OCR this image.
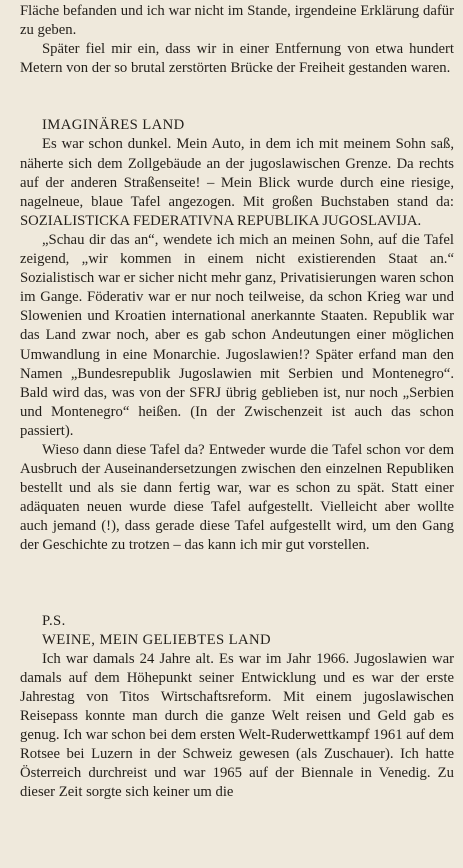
Fläche befanden und ich war nicht im Stande, irgendeine Erklärung dafür zu geben.

Später fiel mir ein, dass wir in einer Entfernung von etwa hundert Metern von der so brutal zerstörten Brücke der Freiheit gestanden waren.

IMAGINÄRES LAND

Es war schon dunkel. Mein Auto, in dem ich mit meinem Sohn saß, näherte sich dem Zollgebäude an der jugoslawischen Grenze. Da rechts auf der anderen Straßenseite! – Mein Blick wurde durch eine riesige, nagelneue, blaue Tafel angezogen. Mit großen Buchstaben stand da: SOZIALISTICKA FEDERATIVNA REPUBLIKA JUGOSLAVIJA.

„Schau dir das an“, wendete ich mich an meinen Sohn, auf die Tafel zeigend, „wir kommen in einem nicht existierenden Staat an.“ Sozialistisch war er sicher nicht mehr ganz, Privatisierungen waren schon im Gange. Föderativ war er nur noch teilweise, da schon Krieg war und Slowenien und Kroatien international anerkannte Staaten. Republik war das Land zwar noch, aber es gab schon Andeutungen einer möglichen Umwandlung in eine Monarchie. Jugoslawien!? Später erfand man den Namen „Bundesrepublik Jugoslawien mit Serbien und Montenegro“. Bald wird das, was von der SFRJ übrig geblieben ist, nur noch „Serbien und Montenegro“ heißen. (In der Zwischenzeit ist auch das schon passiert).

Wieso dann diese Tafel da? Entweder wurde die Tafel schon vor dem Ausbruch der Auseinandersetzungen zwischen den einzelnen Republiken bestellt und als sie dann fertig war, war es schon zu spät. Statt einer adäquaten neuen wurde diese Tafel aufgestellt. Vielleicht aber wollte auch jemand (!), dass gerade diese Tafel aufgestellt wird, um den Gang der Geschichte zu trotzen – das kann ich mir gut vorstellen.

P.S.

WEINE, MEIN GELIEBTES LAND

Ich war damals 24 Jahre alt. Es war im Jahr 1966. Jugoslawien war damals auf dem Höhepunkt seiner Entwicklung und es war der erste Jahrestag von Titos Wirtschaftsreform. Mit einem jugoslawischen Reisepass konnte man durch die ganze Welt reisen und Geld gab es genug. Ich war schon bei dem ersten Welt-Ruderwettkampf 1961 auf dem Rotsee bei Luzern in der Schweiz gewesen (als Zuschauer). Ich hatte Österreich durchreist und war 1965 auf der Biennale in Venedig. Zu dieser Zeit sorgte sich keiner um die
